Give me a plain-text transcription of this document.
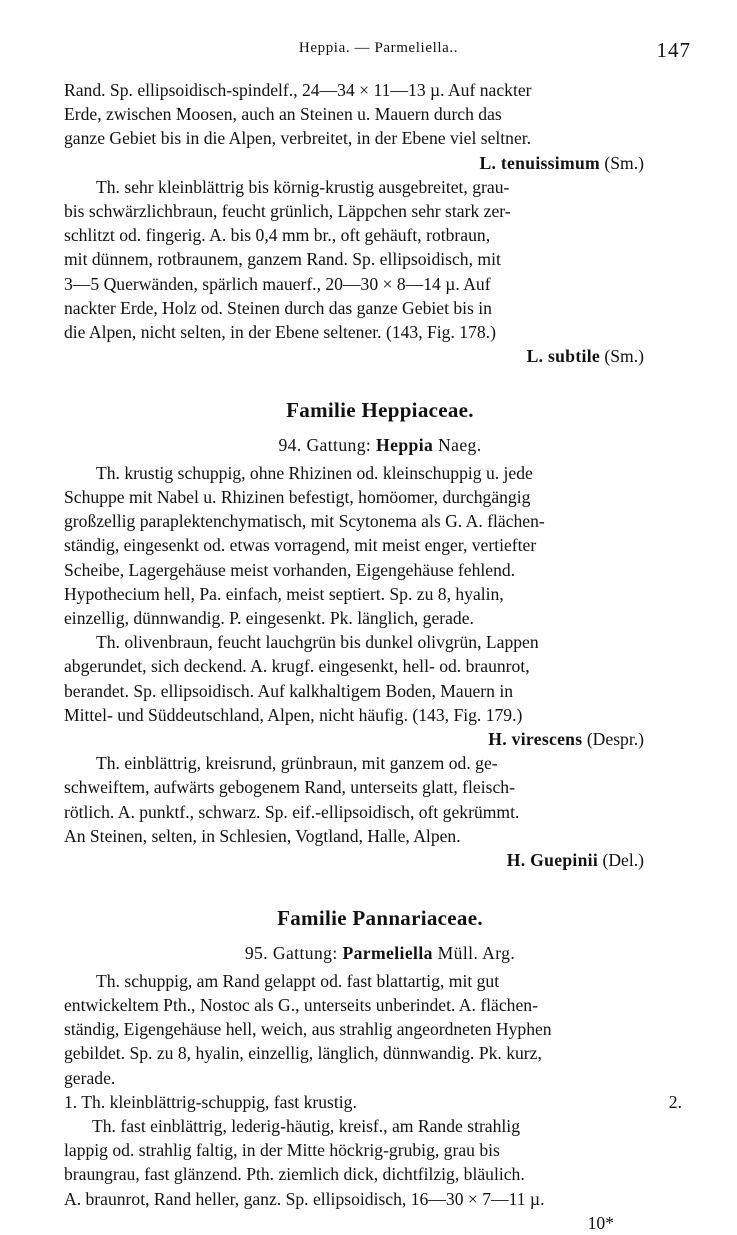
Heppia. — Parmeliella..	147
Rand. Sp. ellipsoidisch-spindelf., 24—34 × 11—13 µ. Auf nackter
Erde, zwischen Moosen, auch an Steinen u. Mauern durch das
ganze Gebiet bis in die Alpen, verbreitet, in der Ebene viel seltner.
L. tenuissimum (Sm.)
Th. sehr kleinblättrig bis körnig-krustig ausgebreitet, grau-
bis schwärzlichbraun, feucht grünlich, Läppchen sehr stark zer-
schlitzt od. fingerig. A. bis 0,4 mm br., oft gehäuft, rotbraun,
mit dünnem, rotbraunem, ganzem Rand. Sp. ellipsoidisch, mit
3—5 Querwänden, spärlich mauerf., 20—30 × 8—14 µ. Auf
nackter Erde, Holz od. Steinen durch das ganze Gebiet bis in
die Alpen, nicht selten, in der Ebene seltener. (143, Fig. 178.)
L. subtile (Sm.)
Familie Heppiaceae.
94. Gattung: Heppia Naeg.
Th. krustig schuppig, ohne Rhizinen od. kleinschuppig u. jede
Schuppe mit Nabel u. Rhizinen befestigt, homöomer, durchgängig
großzellig paraplektenchymatisch, mit Scytonema als G. A. flächen-
ständig, eingesenkt od. etwas vorragend, mit meist enger, vertiefter
Scheibe, Lagergehäuse meist vorhanden, Eigengehäuse fehlend.
Hypothecium hell, Pa. einfach, meist septiert. Sp. zu 8, hyalin,
einzellig, dünnwandig. P. eingesenkt. Pk. länglich, gerade.
Th. olivenbraun, feucht lauchgrün bis dunkel olivgrün, Lappen
abgerundet, sich deckend. A. krugf. eingesenkt, hell- od. braunrot,
berandet. Sp. ellipsoidisch. Auf kalkhaltigem Boden, Mauern in
Mittel- und Süddeutschland, Alpen, nicht häufig. (143, Fig. 179.)
H. virescens (Despr.)
Th. einblättrig, kreisrund, grünbraun, mit ganzem od. ge-
schweiftem, aufwärts gebogenem Rand, unterseits glatt, fleisch-
rötlich. A. punktf., schwarz. Sp. eif.-ellipsoidisch, oft gekrümmt.
An Steinen, selten, in Schlesien, Vogtland, Halle, Alpen.
H. Guepinii (Del.)
Familie Pannariaceae.
95. Gattung: Parmeliella Müll. Arg.
Th. schuppig, am Rand gelappt od. fast blattartig, mit gut
entwickeltem Pth., Nostoc als G., unterseits unberindet. A. flächen-
ständig, Eigengehäuse hell, weich, aus strahlig angeordneten Hyphen
gebildet. Sp. zu 8, hyalin, einzellig, länglich, dünnwandig. Pk. kurz,
gerade.
1. Th. kleinblättrig-schuppig, fast krustig.	2.
Th. fast einblättrig, lederig-häutig, kreisf., am Rande strahlig
lappig od. strahlig faltig, in der Mitte höckrig-grubig, grau bis
braungrau, fast glänzend. Pth. ziemlich dick, dichtfilzig, bläulich.
A. braunrot, Rand heller, ganz. Sp. ellipsoidisch, 16—30 × 7—11 µ.
10*
